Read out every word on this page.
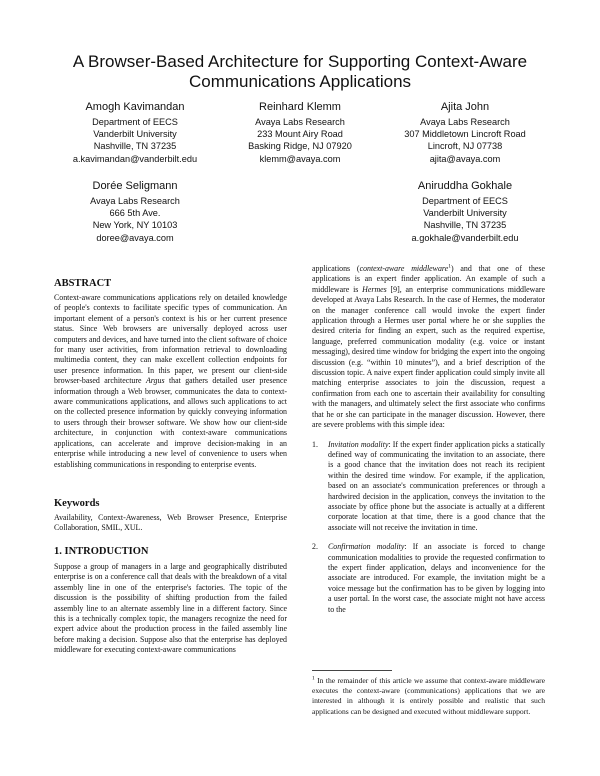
A Browser-Based Architecture for Supporting Context-Aware
Communications Applications
Amogh Kavimandan
Department of EECS
Vanderbilt University
Nashville, TN 37235
a.kavimandan@vanderbilt.edu
Reinhard Klemm
Avaya Labs Research
233 Mount Airy Road
Basking Ridge, NJ 07920
klemm@avaya.com
Ajita John
Avaya Labs Research
307 Middletown Lincroft Road
Lincroft, NJ 07738
ajita@avaya.com
Dorée Seligmann
Avaya Labs Research
666 5th Ave.
New York, NY 10103
doree@avaya.com
Aniruddha Gokhale
Department of EECS
Vanderbilt University
Nashville, TN 37235
a.gokhale@vanderbilt.edu
ABSTRACT

Context-aware communications applications rely on detailed knowledge of people's contexts to facilitate specific types of communication. An important element of a person's context is his or her current presence status. Since Web browsers are universally deployed across user computers and devices, and have turned into the client software of choice for many user activities, from information retrieval to downloading multimedia content, they can make excellent collection endpoints for user presence information. In this paper, we present our client-side browser-based architecture Argus that gathers detailed user presence information through a Web browser, communicates the data to context-aware communications applications, and allows such applications to act on the collected presence information by quickly conveying information to users through their browser software. We show how our client-side architecture, in conjunction with context-aware communications applications, can accelerate and improve decision-making in an enterprise while introducing a new level of convenience to users when establishing communications in responding to enterprise events.

Keywords
Availability, Context-Awareness, Web Browser Presence, Enterprise Collaboration, SMIL, XUL.
1. INTRODUCTION
Suppose a group of managers in a large and geographically distributed enterprise is on a conference call that deals with the breakdown of a vital assembly line in one of the enterprise's factories. The topic of the discussion is the possibility of shifting production from the failed assembly line to an alternate assembly line in a different factory. Since this is a technically complex topic, the managers recognize the need for expert advice about the production process in the failed assembly line before making a decision. Suppose also that the enterprise has deployed middleware for executing context-aware communications

applications (context-aware middleware$^1$) and that one of these applications is an expert finder application. An example of such a middleware is Hermes [9], an enterprise communications middleware developed at Avaya Labs Research. In the case of Hermes, the moderator on the manager conference call would invoke the expert finder application through a Hermes user portal where he or she supplies the desired criteria for finding an expert, such as the required expertise, language, preferred communication modality (e.g. voice or instant messaging), desired time window for bridging the expert into the ongoing discussion (e.g. “within 10 minutes”), and a brief description of the discussion topic. A naive expert finder application could simply invite all matching enterprise associates to join the discussion, request a confirmation from each one to ascertain their availability for consulting with the managers, and ultimately select the first associate who confirms that he or she can participate in the manager discussion. However, there are severe problems with this simple idea:

1. Invitation modality: If the expert finder application picks a statically defined way of communicating the invitation to an associate, there is a good chance that the invitation does not reach its recipient within the desired time window. For example, if the application, based on an associate's communication preferences or through a hardwired decision in the application, conveys the invitation to the associate by office phone but the associate is actually at a different corporate location at that time, there is a good chance that the associate will not receive the invitation in time.

2. Confirmation modality: If an associate is forced to change communication modalities to provide the requested confirmation to the expert finder application, delays and inconvenience for the associate are introduced. For example, the invitation might be a voice message but the confirmation has to be given by logging into a user portal. In the worst case, the associate might not have access to the

$^1$ In the remainder of this article we assume that context-aware middleware executes the context-aware (communications) applications that we are interested in although it is entirely possible and realistic that such applications can be designed and executed without middleware support.
